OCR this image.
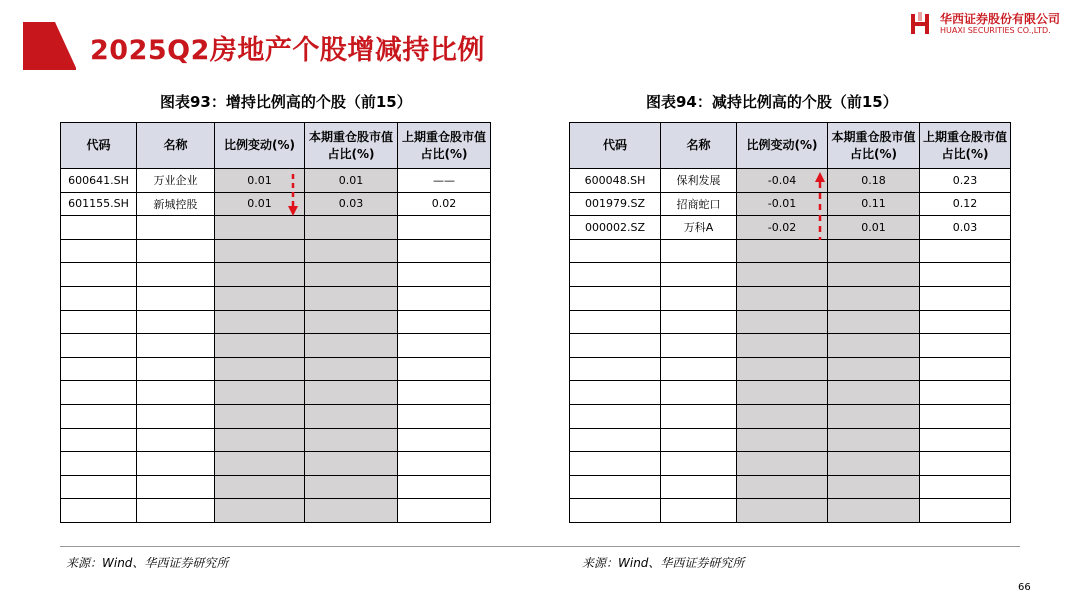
2025Q2房地产个股增减持比例
华西证券股份有限公司
HUAXI SECURITIES CO.,LTD.
图表93：增持比例高的个股（前15）
代码	名称	比例变动(%)	本期重仓股市值占比(%)	上期重仓股市值占比(%)
600641.SH	万业企业	0.01	0.01	——
601155.SH	新城控股	0.01	0.03	0.02

图表94：减持比例高的个股（前15）
代码	名称	比例变动(%)	本期重仓股市值占比(%)	上期重仓股市值占比(%)
600048.SH	保利发展	-0.04	0.18	0.23
001979.SZ	招商蛇口	-0.01	0.11	0.12
000002.SZ	万科A	-0.02	0.01	0.03

来源：Wind、华西证券研究所	来源：Wind、华西证券研究所
66
